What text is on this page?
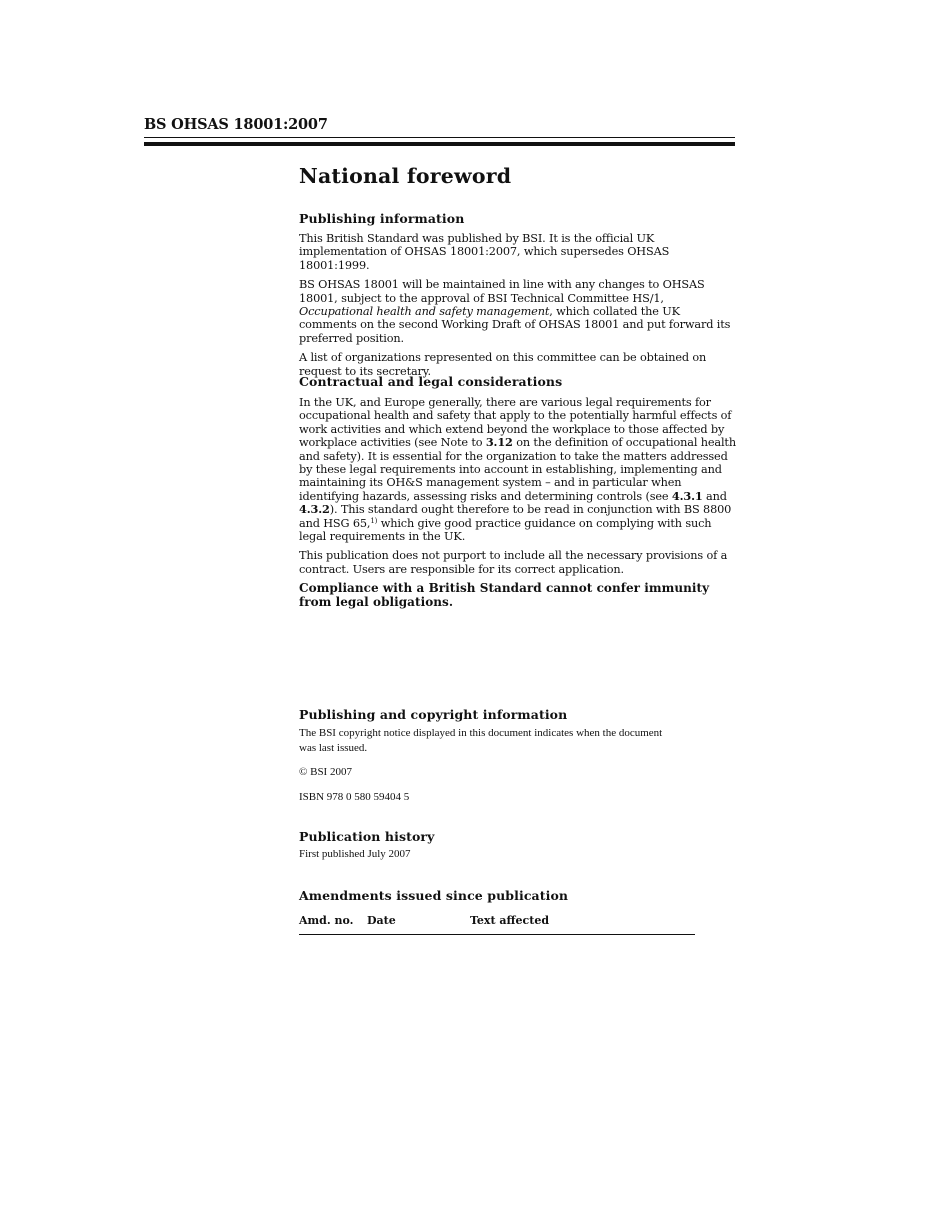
BS OHSAS 18001:2007
National foreword
Publishing information

This British Standard was published by BSI. It is the official UK implementation of OHSAS 18001:2007, which supersedes OHSAS 18001:1999.

BS OHSAS 18001 will be maintained in line with any changes to OHSAS 18001, subject to the approval of BSI Technical Committee HS/1, Occupational health and safety management, which collated the UK comments on the second Working Draft of OHSAS 18001 and put forward its preferred position.

A list of organizations represented on this committee can be obtained on request to its secretary.

Contractual and legal considerations

In the UK, and Europe generally, there are various legal requirements for occupational health and safety that apply to the potentially harmful effects of work activities and which extend beyond the workplace to those affected by workplace activities (see Note to 3.12 on the definition of occupational health and safety). It is essential for the organization to take the matters addressed by these legal requirements into account in establishing, implementing and maintaining its OH&S management system – and in particular when identifying hazards, assessing risks and determining controls (see 4.3.1 and 4.3.2). This standard ought therefore to be read in conjunction with BS 8800 and HSG 65,$^{1)}$ which give good practice guidance on complying with such legal requirements in the UK.

This publication does not purport to include all the necessary provisions of a contract. Users are responsible for its correct application.

Compliance with a British Standard cannot confer immunity from legal obligations.

Publishing and copyright information

The BSI copyright notice displayed in this document indicates when the document was last issued.

© BSI 2007

ISBN 978 0 580 59404 5

Publication history

First published July 2007

Amendments issued since publication
Amd. no. Date	Text affected
